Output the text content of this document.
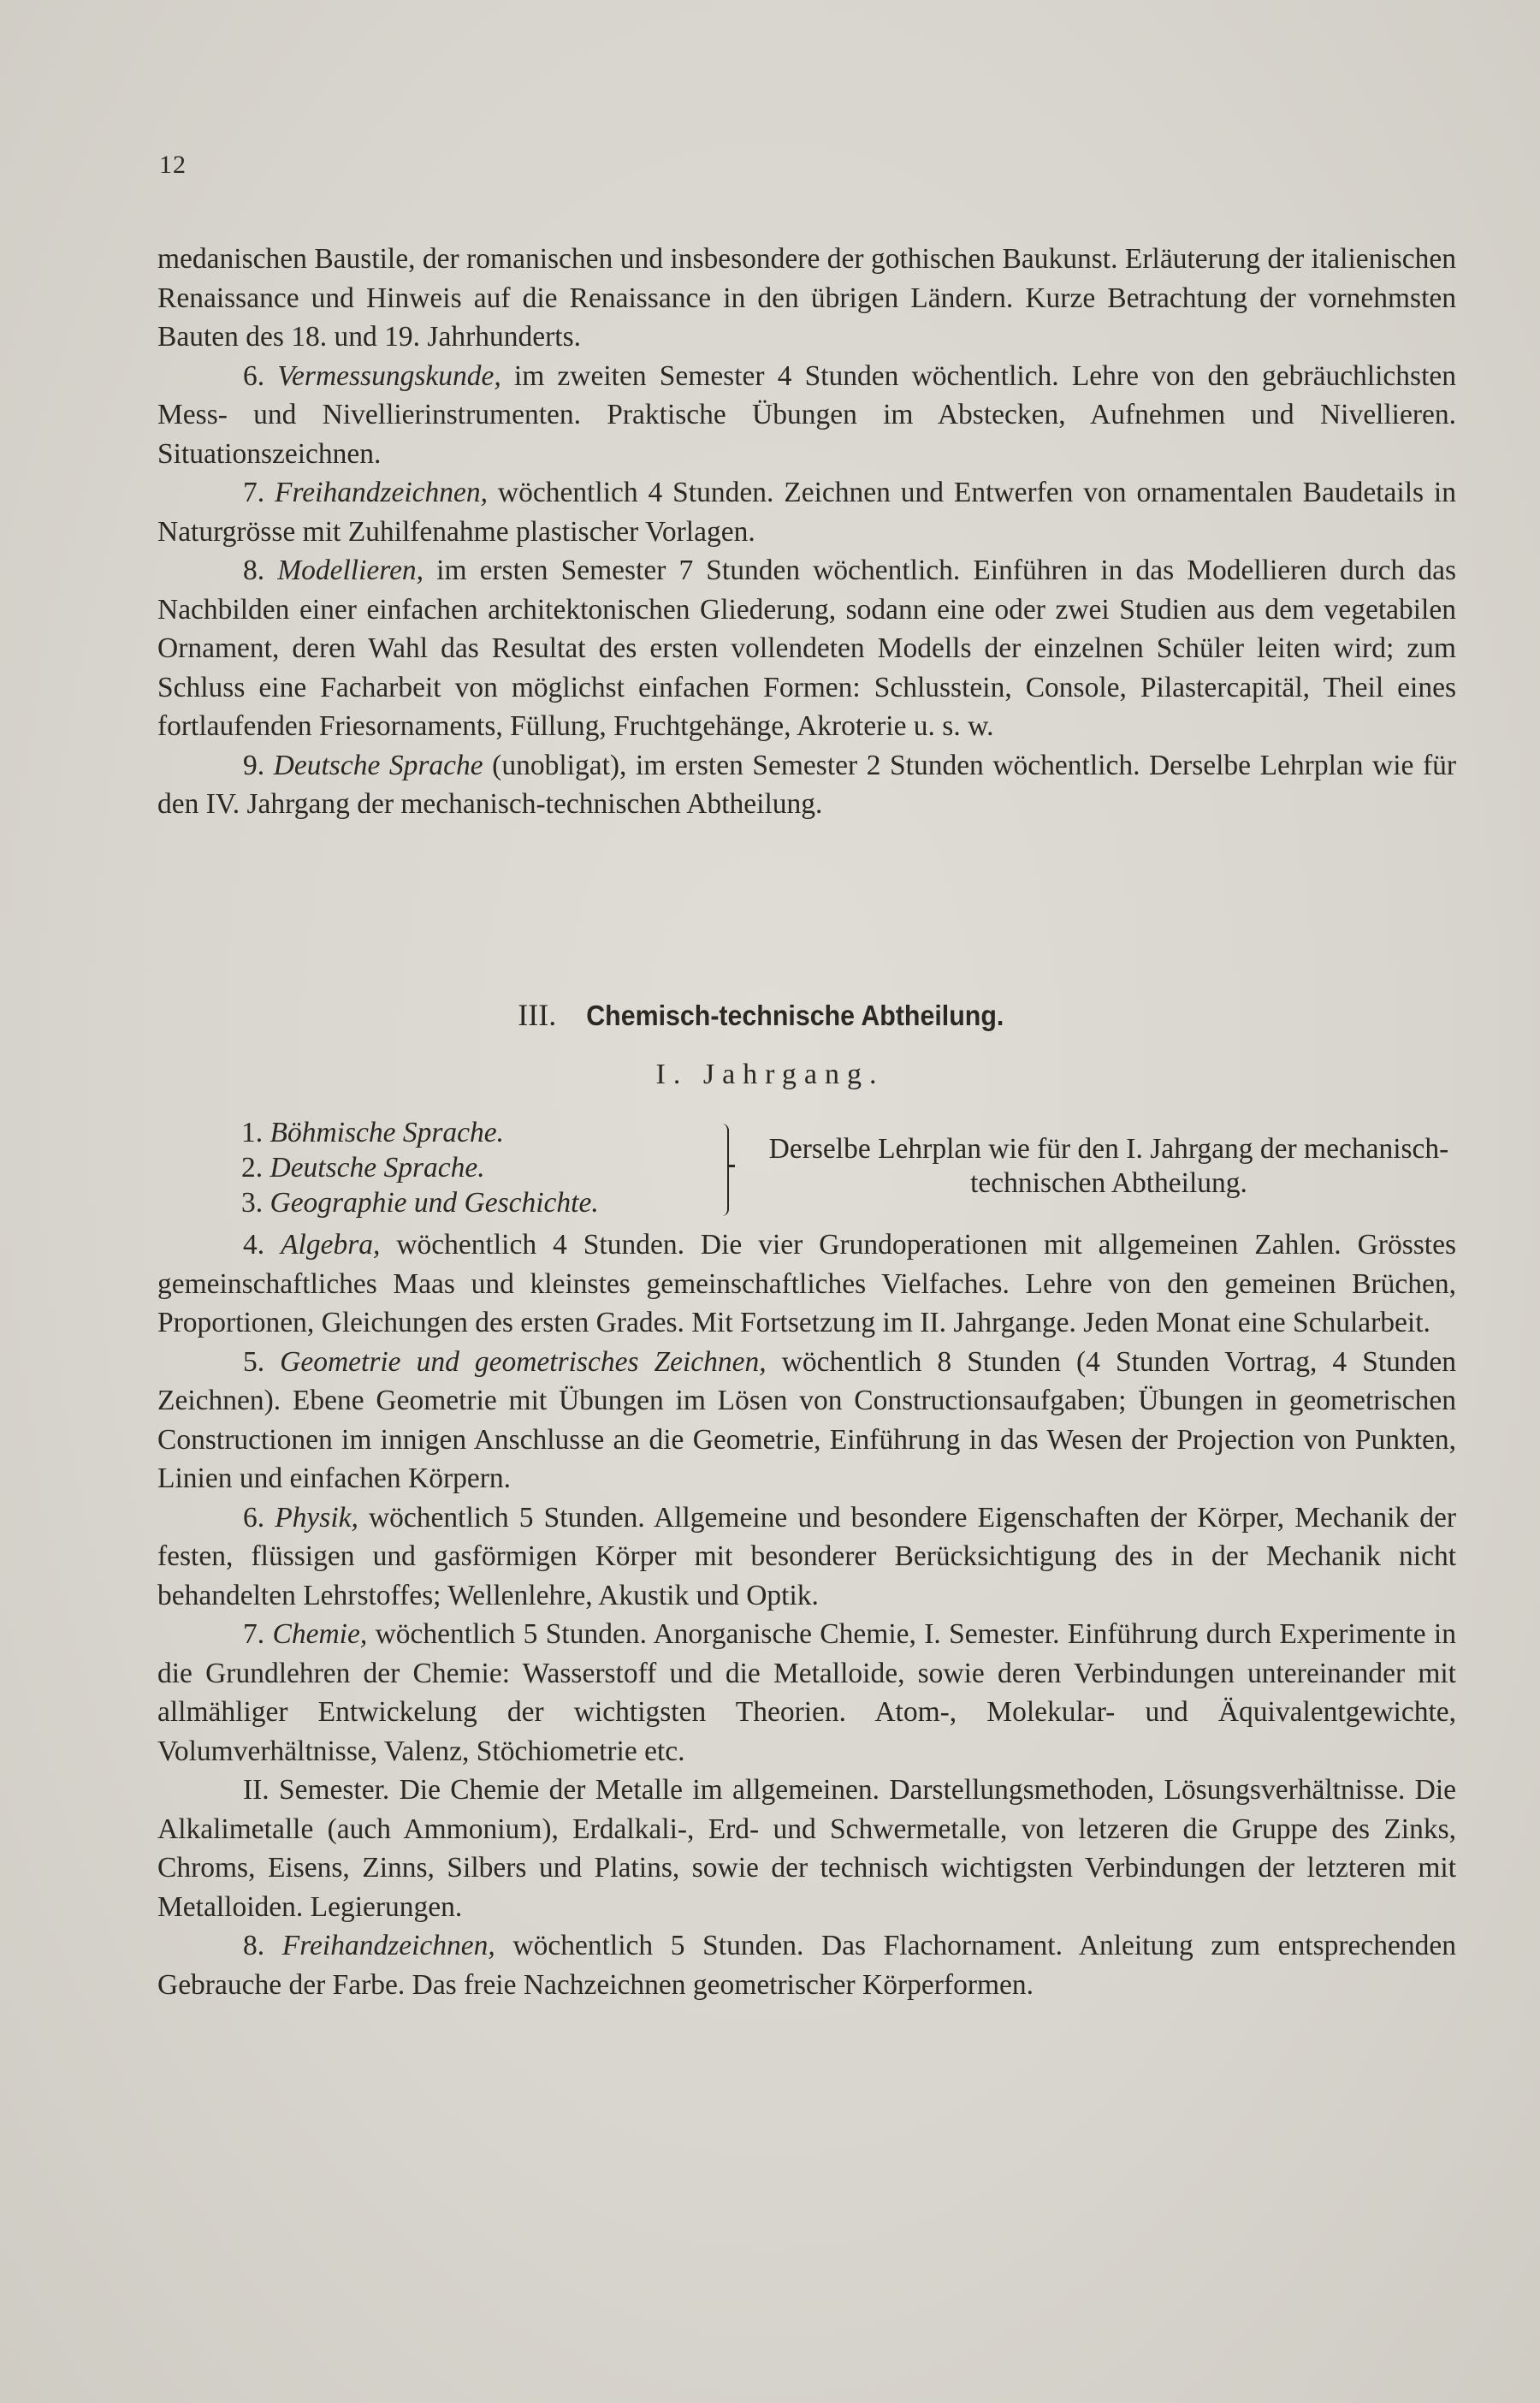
12

medanischen Baustile, der romanischen und insbesondere der gothischen Baukunst. Erläuterung der italienischen Renaissance und Hinweis auf die Renaissance in den übrigen Ländern. Kurze Betrachtung der vornehmsten Bauten des 18. und 19. Jahrhunderts.

6. Vermessungskunde, im zweiten Semester 4 Stunden wöchentlich. Lehre von den gebräuchlichsten Mess- und Nivellierinstrumenten. Praktische Übungen im Abstecken, Aufnehmen und Nivellieren. Situationszeichnen.

7. Freihandzeichnen, wöchentlich 4 Stunden. Zeichnen und Entwerfen von ornamentalen Baudetails in Naturgrösse mit Zuhilfenahme plastischer Vorlagen.

8. Modellieren, im ersten Semester 7 Stunden wöchentlich. Einführen in das Modellieren durch das Nachbilden einer einfachen architektonischen Gliederung, sodann eine oder zwei Studien aus dem vegetabilen Ornament, deren Wahl das Resultat des ersten vollendeten Modells der einzelnen Schüler leiten wird; zum Schluss eine Facharbeit von möglichst einfachen Formen: Schlusstein, Console, Pilastercapitäl, Theil eines fortlaufenden Friesornaments, Füllung, Fruchtgehänge, Akroterie u. s. w.

9. Deutsche Sprache (unobligat), im ersten Semester 2 Stunden wöchentlich. Derselbe Lehrplan wie für den IV. Jahrgang der mechanisch-technischen Abtheilung.

III. Chemisch-technische Abtheilung.
I. Jahrgang.
1. Böhmische Sprache.
2. Deutsche Sprache.
3. Geographie und Geschichte.
Derselbe Lehrplan wie für den I. Jahrgang der mechanisch-technischen Abtheilung.

4. Algebra, wöchentlich 4 Stunden. Die vier Grundoperationen mit allgemeinen Zahlen. Grösstes gemeinschaftliches Maas und kleinstes gemeinschaftliches Vielfaches. Lehre von den gemeinen Brüchen, Proportionen, Gleichungen des ersten Grades. Mit Fortsetzung im II. Jahrgange. Jeden Monat eine Schularbeit.

5. Geometrie und geometrisches Zeichnen, wöchentlich 8 Stunden (4 Stunden Vortrag, 4 Stunden Zeichnen). Ebene Geometrie mit Übungen im Lösen von Constructionsaufgaben; Übungen in geometrischen Constructionen im innigen Anschlusse an die Geometrie, Einführung in das Wesen der Projection von Punkten, Linien und einfachen Körpern.

6. Physik, wöchentlich 5 Stunden. Allgemeine und besondere Eigenschaften der Körper, Mechanik der festen, flüssigen und gasförmigen Körper mit besonderer Berücksichtigung des in der Mechanik nicht behandelten Lehrstoffes; Wellenlehre, Akustik und Optik.

7. Chemie, wöchentlich 5 Stunden. Anorganische Chemie, I. Semester. Einführung durch Experimente in die Grundlehren der Chemie: Wasserstoff und die Metalloide, sowie deren Verbindungen untereinander mit allmähliger Entwickelung der wichtigsten Theorien. Atom-, Molekular- und Äquivalentgewichte, Volumverhältnisse, Valenz, Stöchiometrie etc.

II. Semester. Die Chemie der Metalle im allgemeinen. Darstellungsmethoden, Lösungsverhältnisse. Die Alkalimetalle (auch Ammonium), Erdalkali-, Erd- und Schwermetalle, von letzeren die Gruppe des Zinks, Chroms, Eisens, Zinns, Silbers und Platins, sowie der technisch wichtigsten Verbindungen der letzteren mit Metalloiden. Legierungen.

8. Freihandzeichnen, wöchentlich 5 Stunden. Das Flachornament. Anleitung zum entsprechenden Gebrauche der Farbe. Das freie Nachzeichnen geometrischer Körperformen.
